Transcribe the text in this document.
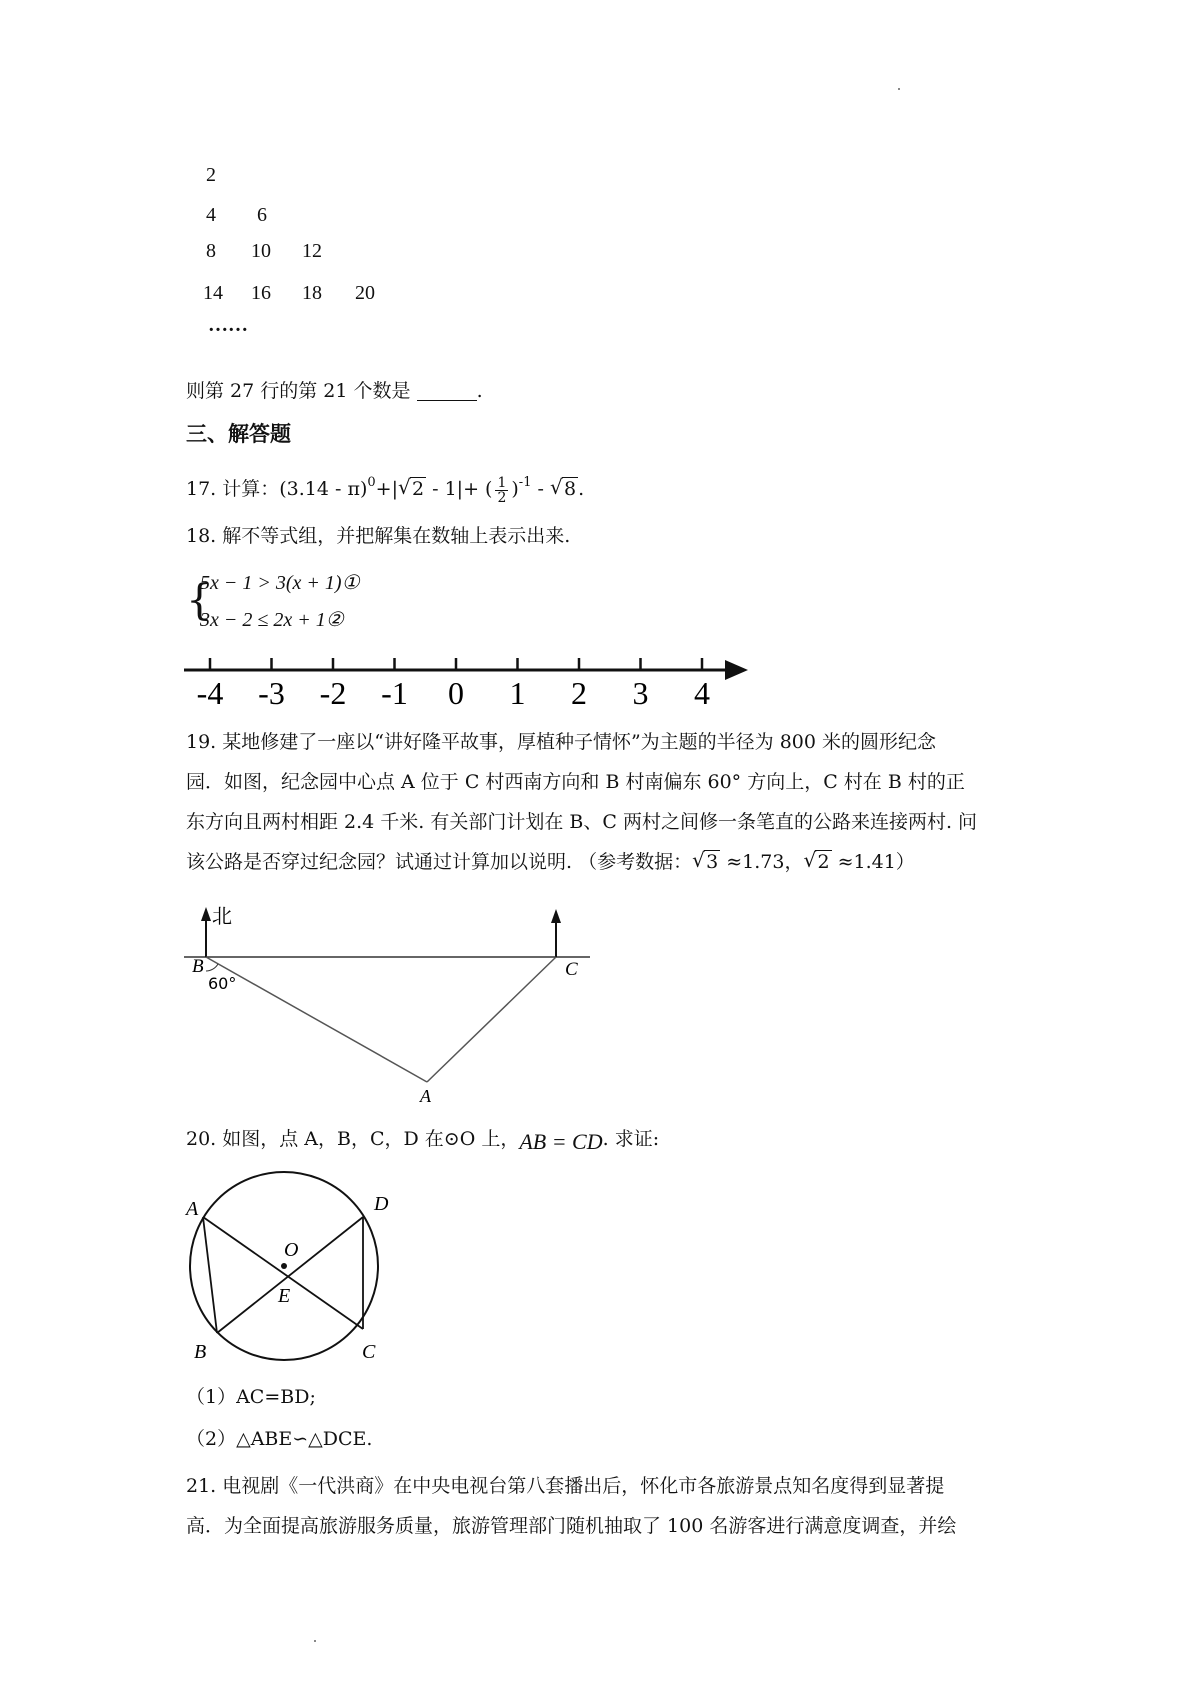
2
4 6
8 10 12
14 16 18 20
……
则第 27 行的第 21 个数是	.
三、解答题
17. 计算：(3.14 - π)$^0$+| √ 2 - 1|+ ( $\frac{1}{2} )^{-1}$ - √ 8 .
18. 解不等式组，并把解集在数轴上表示出来.
{
5x − 1 > 3(x + 1)①
3x − 2 ≤ 2x + 1②
-4 -3 -2 -1 0 1 2 3 4
19. 某地修建了一座以“讲好隆平故事，厚植种子情怀”为主题的半径为 800 米的圆形纪念
园．如图，纪念园中心点 A 位于 C 村西南方向和 B 村南偏东 60° 方向上，C 村在 B 村的正
东方向且两村相距 2.4 千米. 有关部门计划在 B、C 两村之间修一条笔直的公路来连接两村. 问
该公路是否穿过纪念园？试通过计算加以说明. （参考数据： √ 3 ≈1.73， √ 2 ≈1.41）
北
B	C
A
60°
20. 如图，点 A，B，C，D 在⊙O 上，AB = CD. 求证:
A	D
B	C
O
E
（1）AC=BD;
（2）△ABE∽△DCE.
21. 电视剧《一代洪商》在中央电视台第八套播出后，怀化市各旅游景点知名度得到显著提
高．为全面提高旅游服务质量，旅游管理部门随机抽取了 100 名游客进行满意度调查，并绘
